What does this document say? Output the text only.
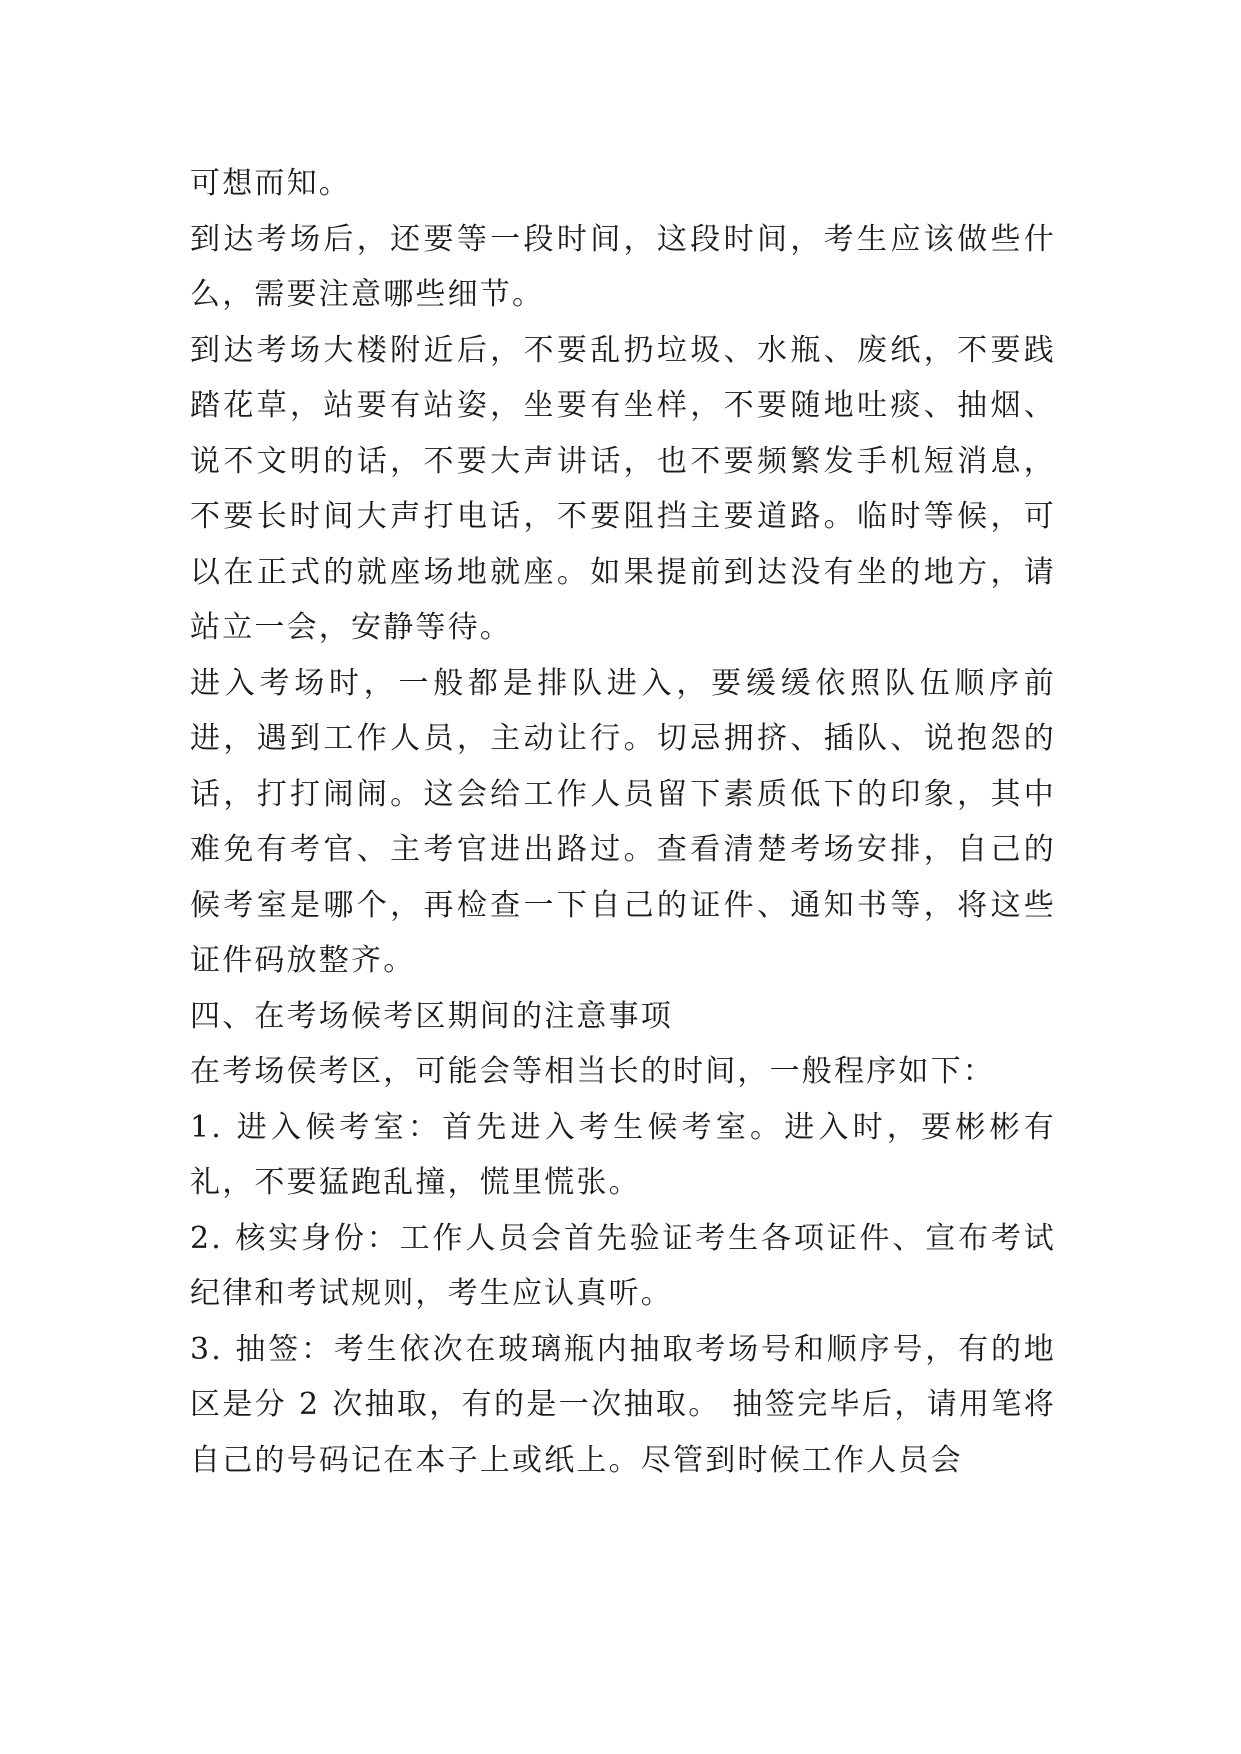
可想而知。

到达考场后，还要等一段时间，这段时间，考生应该做些什么，需要注意哪些细节。

到达考场大楼附近后，不要乱扔垃圾、水瓶、废纸，不要践踏花草，站要有站姿，坐要有坐样，不要随地吐痰、抽烟、说不文明的话，不要大声讲话，也不要频繁发手机短消息，不要长时间大声打电话，不要阻挡主要道路。临时等候，可以在正式的就座场地就座。如果提前到达没有坐的地方，请站立一会，安静等待。

进入考场时，一般都是排队进入，要缓缓依照队伍顺序前进，遇到工作人员，主动让行。切忌拥挤、插队、说抱怨的话，打打闹闹。这会给工作人员留下素质低下的印象，其中难免有考官、主考官进出路过。查看清楚考场安排，自己的候考室是哪个，再检查一下自己的证件、通知书等，将这些证件码放整齐。

四、在考场候考区期间的注意事项

在考场侯考区，可能会等相当长的时间，一般程序如下：

1. 进入候考室：首先进入考生候考室。进入时，要彬彬有礼，不要猛跑乱撞，慌里慌张。

2. 核实身份：工作人员会首先验证考生各项证件、宣布考试纪律和考试规则，考生应认真听。

3. 抽签：考生依次在玻璃瓶内抽取考场号和顺序号，有的地区是分 2 次抽取，有的是一次抽取。 抽签完毕后，请用笔将自己的号码记在本子上或纸上。尽管到时候工作人员会
